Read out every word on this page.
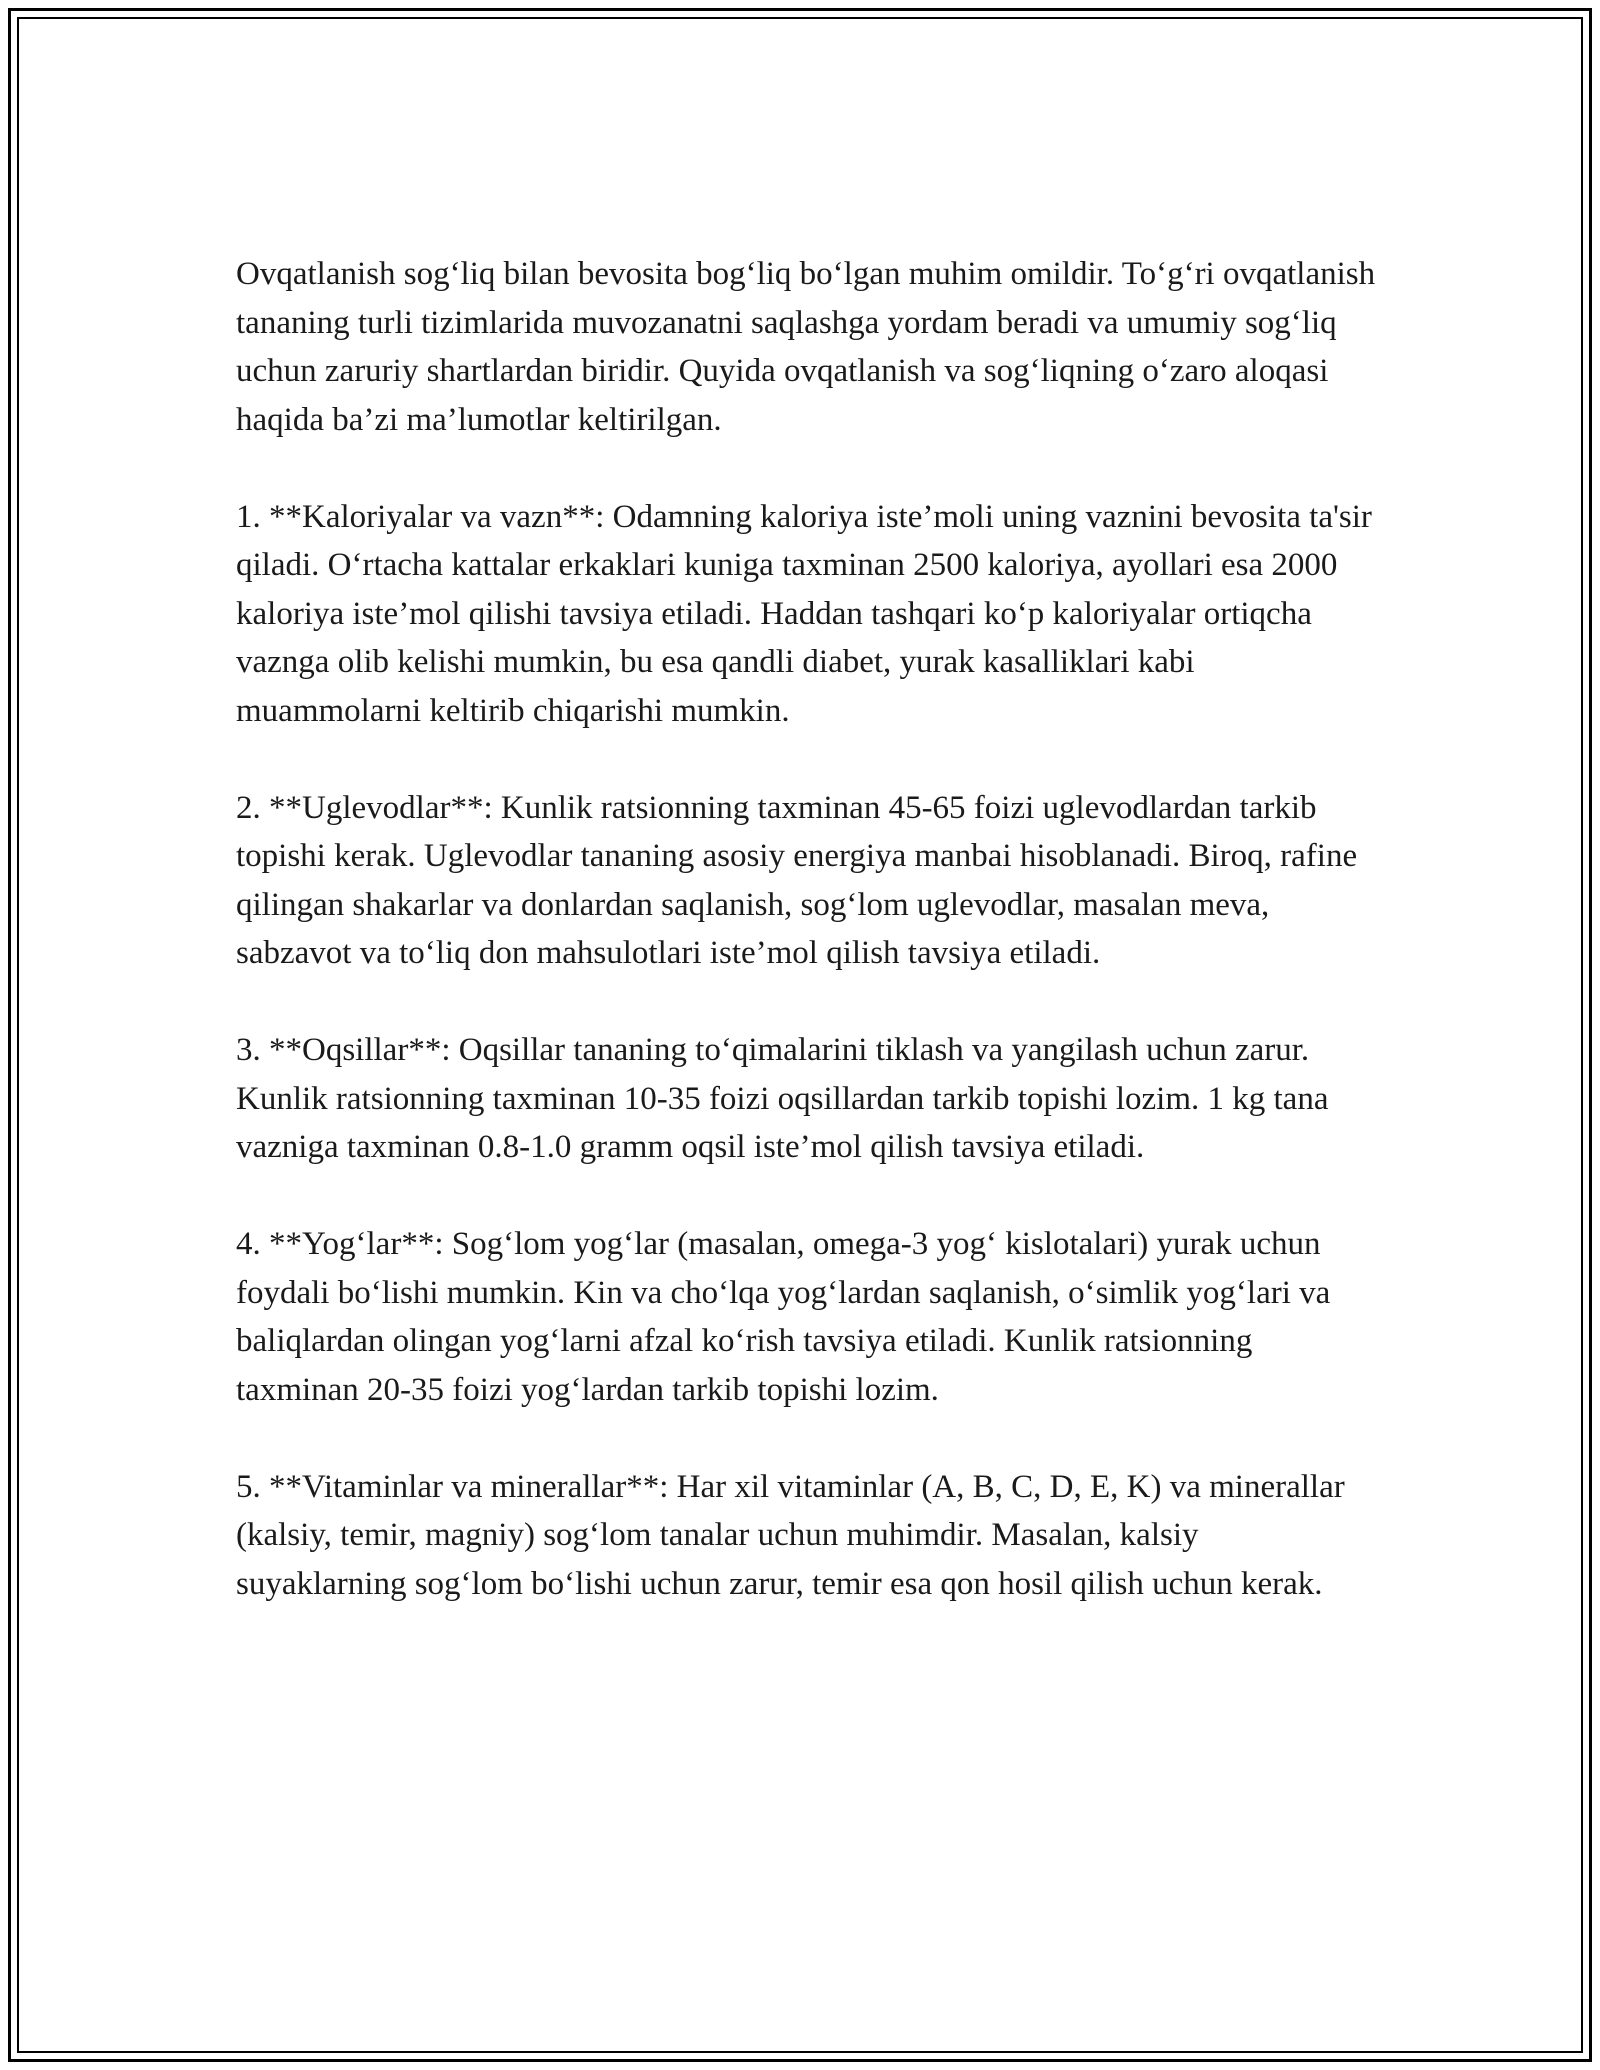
Ovqatlanish sog‘liq bilan bevosita bog‘liq bo‘lgan muhim omildir. To‘g‘ri ovqatlanish tananing turli tizimlarida muvozanatni saqlashga yordam beradi va umumiy sog‘liq uchun zaruriy shartlardan biridir. Quyida ovqatlanish va sog‘liqning o‘zaro aloqasi haqida ba’zi ma’lumotlar keltirilgan.

1. **Kaloriyalar va vazn**: Odamning kaloriya iste’moli uning vaznini bevosita ta'sir qiladi. O‘rtacha kattalar erkaklari kuniga taxminan 2500 kaloriya, ayollari esa 2000 kaloriya iste’mol qilishi tavsiya etiladi. Haddan tashqari ko‘p kaloriyalar ortiqcha vaznga olib kelishi mumkin, bu esa qandli diabet, yurak kasalliklari kabi muammolarni keltirib chiqarishi mumkin.

2. **Uglevodlar**: Kunlik ratsionning taxminan 45-65 foizi uglevodlardan tarkib topishi kerak. Uglevodlar tananing asosiy energiya manbai hisoblanadi. Biroq, rafine qilingan shakarlar va donlardan saqlanish, sog‘lom uglevodlar, masalan meva, sabzavot va to‘liq don mahsulotlari iste’mol qilish tavsiya etiladi.

3. **Oqsillar**: Oqsillar tananing to‘qimalarini tiklash va yangilash uchun zarur. Kunlik ratsionning taxminan 10-35 foizi oqsillardan tarkib topishi lozim. 1 kg tana vazniga taxminan 0.8-1.0 gramm oqsil iste’mol qilish tavsiya etiladi.

4. **Yog‘lar**: Sog‘lom yog‘lar (masalan, omega-3 yog‘ kislotalari) yurak uchun foydali bo‘lishi mumkin. Kin va cho‘lqa yog‘lardan saqlanish, o‘simlik yog‘lari va baliqlardan olingan yog‘larni afzal ko‘rish tavsiya etiladi. Kunlik ratsionning taxminan 20-35 foizi yog‘lardan tarkib topishi lozim.

5. **Vitaminlar va minerallar**: Har xil vitaminlar (A, B, C, D, E, K) va minerallar (kalsiy, temir, magniy) sog‘lom tanalar uchun muhimdir. Masalan, kalsiy suyaklarning sog‘lom bo‘lishi uchun zarur, temir esa qon hosil qilish uchun kerak.
